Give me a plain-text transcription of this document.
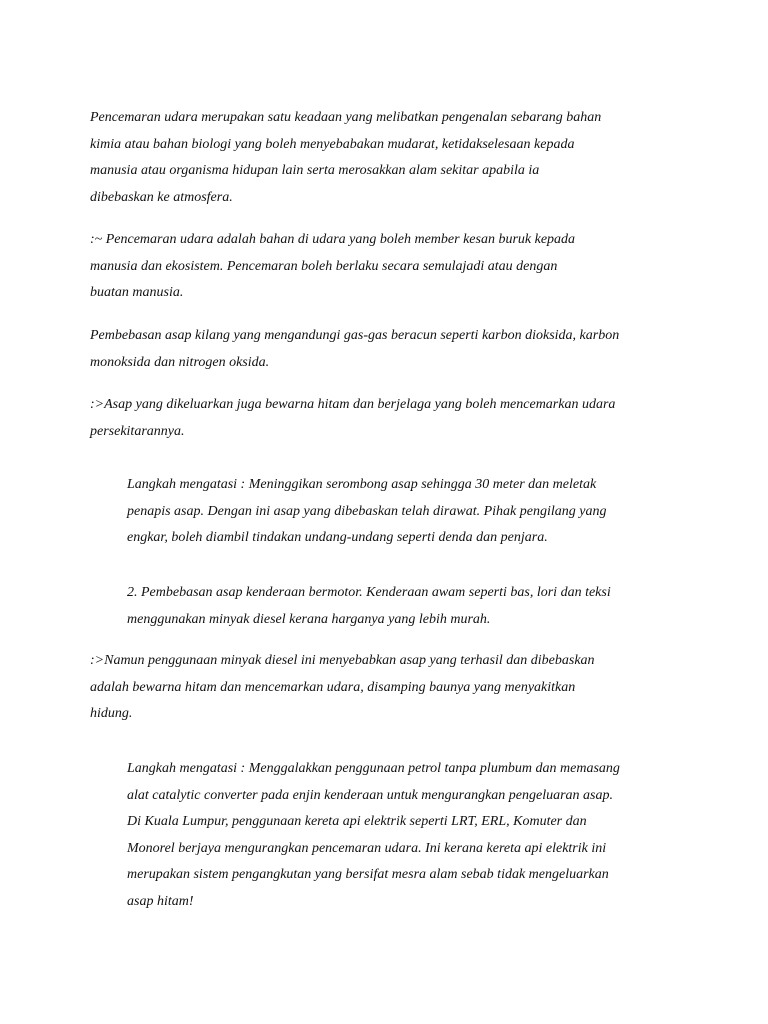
Pencemaran udara merupakan satu keadaan yang melibatkan pengenalan sebarang bahan
kimia atau bahan biologi yang boleh menyebabakan mudarat, ketidakselesaan kepada
manusia atau organisma hidupan lain serta merosakkan alam sekitar apabila ia
dibebaskan ke atmosfera.

:~ Pencemaran udara adalah bahan di udara yang boleh member kesan buruk kepada
manusia dan ekosistem. Pencemaran boleh berlaku secara semulajadi atau dengan
buatan manusia.

Pembebasan asap kilang yang mengandungi gas-gas beracun seperti karbon dioksida, karbon
monoksida dan nitrogen oksida.

:>Asap yang dikeluarkan juga bewarna hitam dan berjelaga yang boleh mencemarkan udara
persekitarannya.

Langkah mengatasi : Meninggikan serombong asap sehingga 30 meter dan meletak
penapis asap. Dengan ini asap yang dibebaskan telah dirawat. Pihak pengilang yang
engkar, boleh diambil tindakan undang-undang seperti denda dan penjara.

2. Pembebasan asap kenderaan bermotor. Kenderaan awam seperti bas, lori dan teksi
menggunakan minyak diesel kerana harganya yang lebih murah.

:>Namun penggunaan minyak diesel ini menyebabkan asap yang terhasil dan dibebaskan
adalah bewarna hitam dan mencemarkan udara, disamping baunya yang menyakitkan
hidung.

Langkah mengatasi : Menggalakkan penggunaan petrol tanpa plumbum dan memasang
alat catalytic converter pada enjin kenderaan untuk mengurangkan pengeluaran asap.
Di Kuala Lumpur, penggunaan kereta api elektrik seperti LRT, ERL, Komuter dan
Monorel berjaya mengurangkan pencemaran udara. Ini kerana kereta api elektrik ini
merupakan sistem pengangkutan yang bersifat mesra alam sebab tidak mengeluarkan
asap hitam!
